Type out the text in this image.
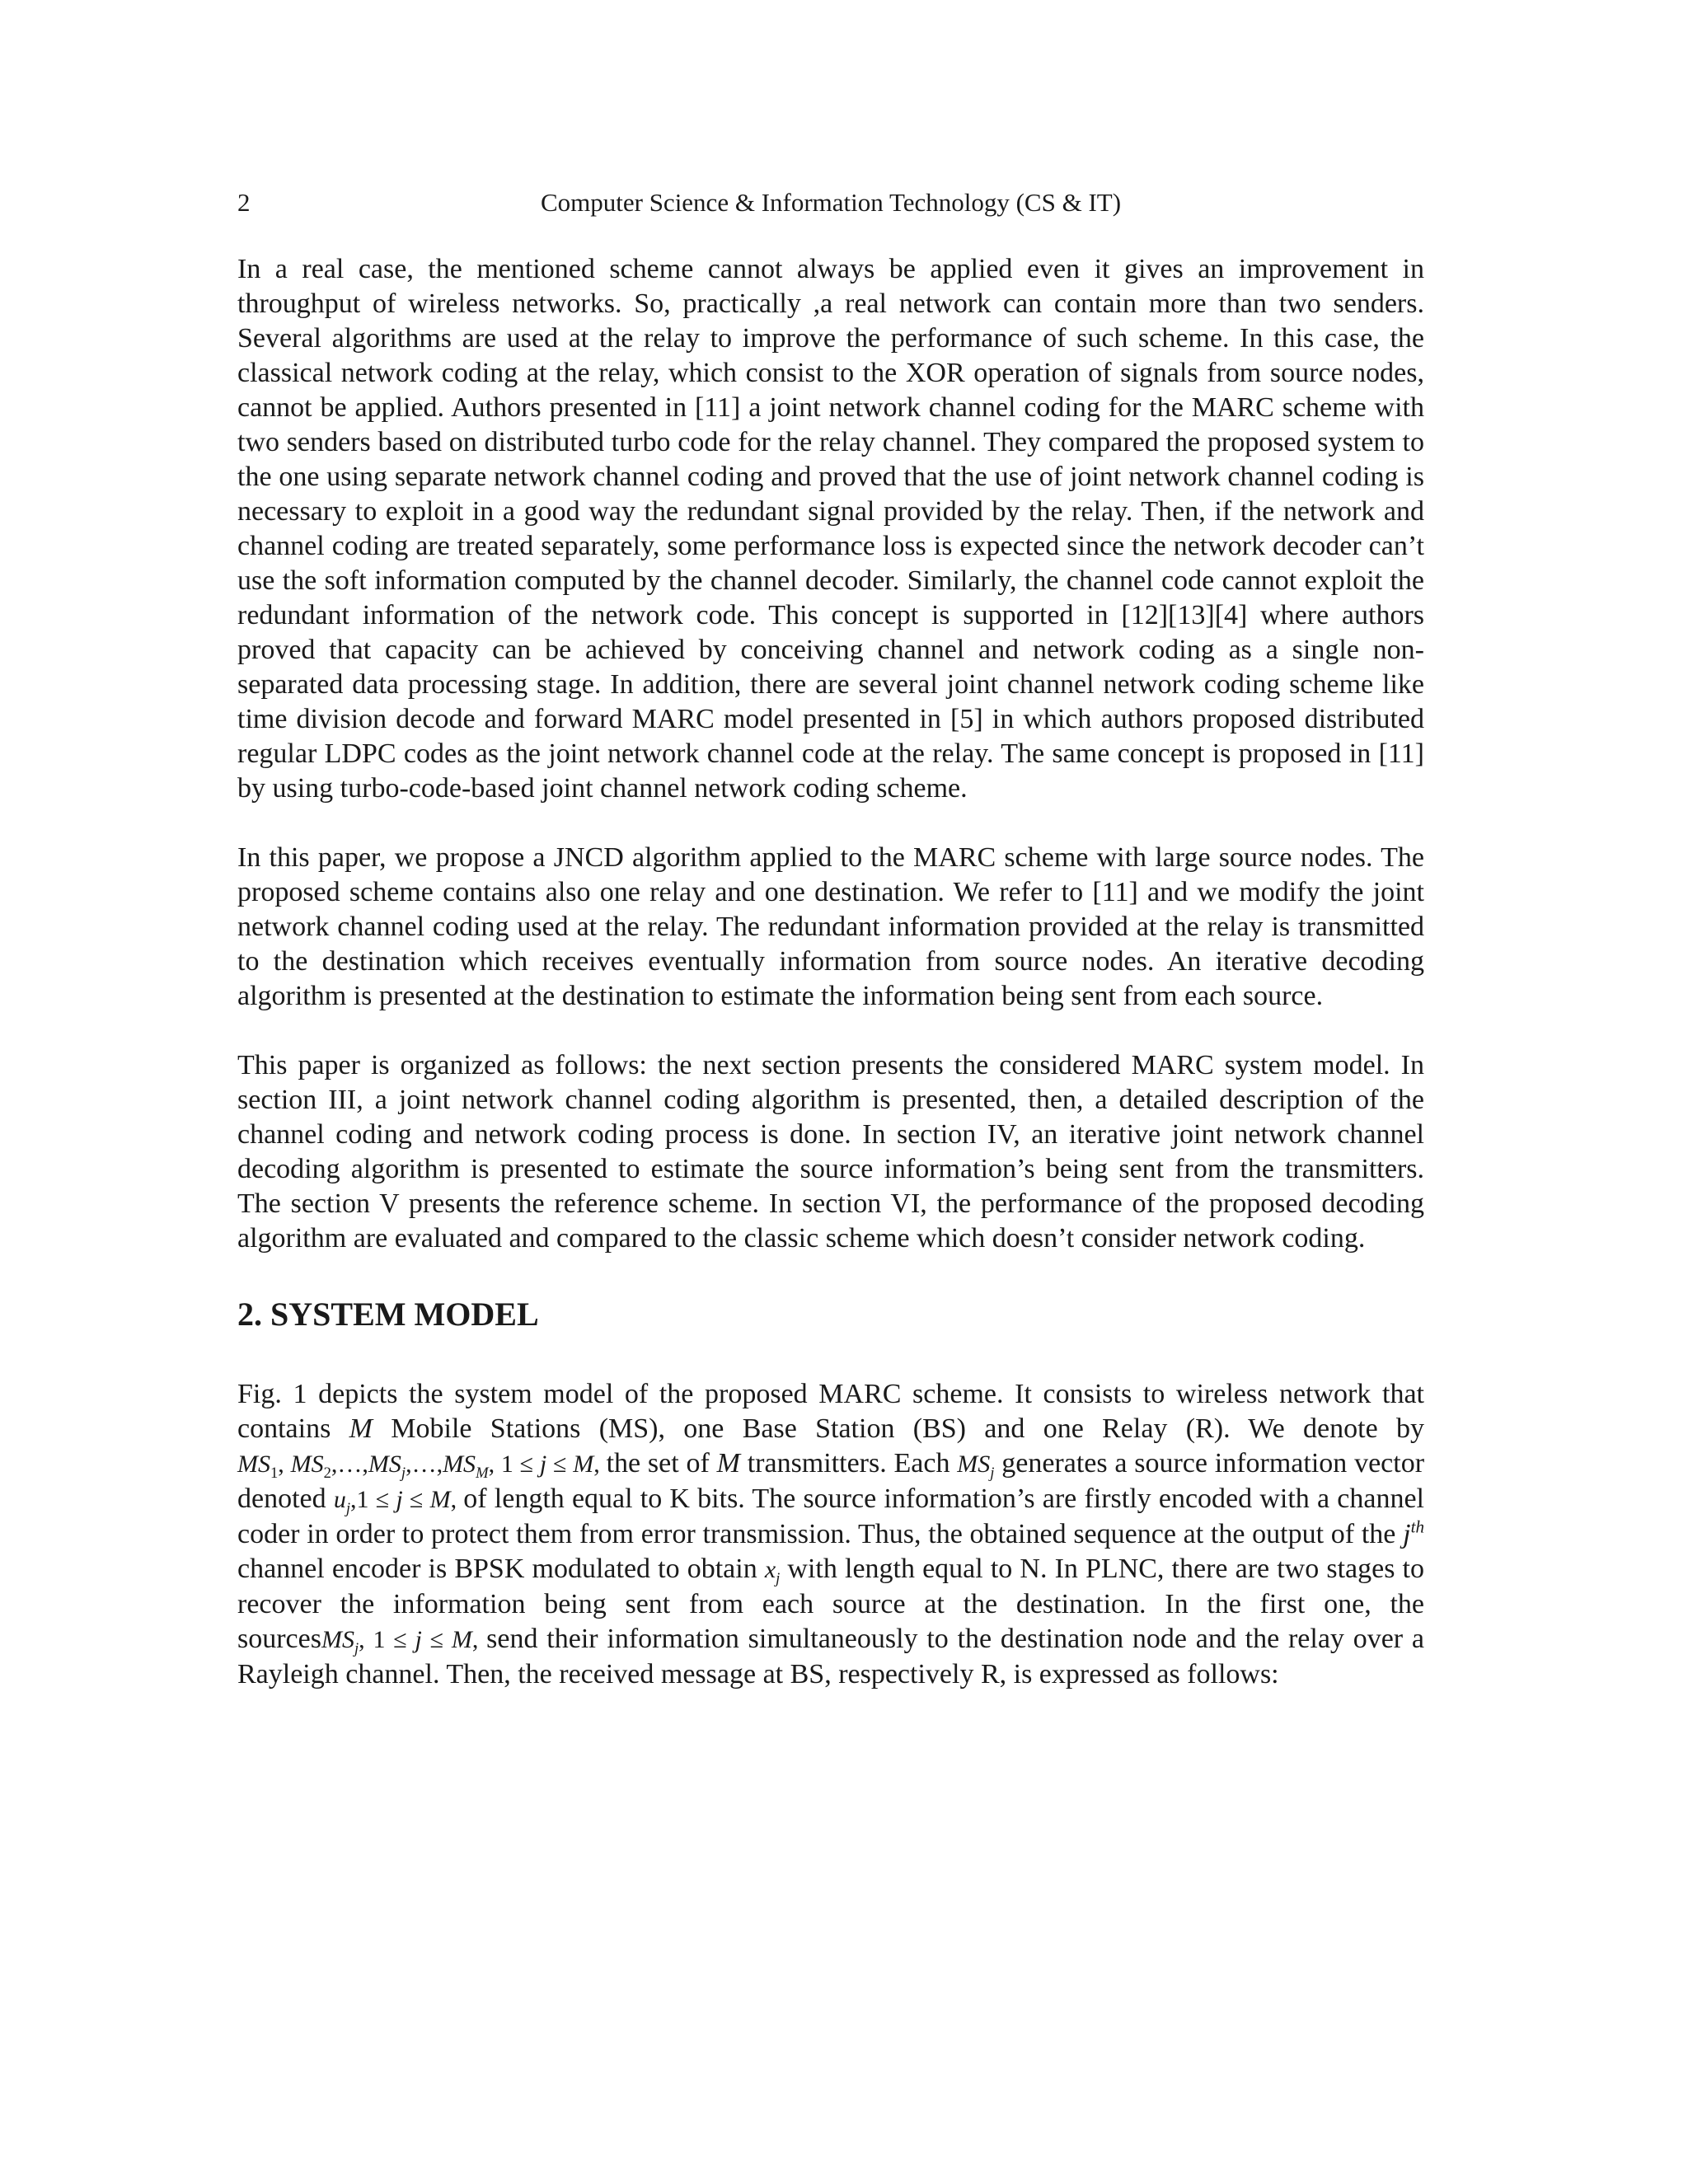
2	Computer Science & Information Technology (CS & IT)

In a real case, the mentioned scheme cannot always be applied even it gives an improvement in throughput of wireless networks. So, practically ,a real network can contain more than two senders. Several algorithms are used at the relay to improve the performance of such scheme. In this case, the classical network coding at the relay, which consist to the XOR operation of signals from source nodes, cannot be applied. Authors presented in [11] a joint network channel coding for the MARC scheme with two senders based on distributed turbo code for the relay channel. They compared the proposed system to the one using separate network channel coding and proved that the use of joint network channel coding is necessary to exploit in a good way the redundant signal provided by the relay. Then, if the network and channel coding are treated separately, some performance loss is expected since the network decoder can’t use the soft information computed by the channel decoder. Similarly, the channel code cannot exploit the redundant information of the network code. This concept is supported in [12][13][4] where authors proved that capacity can be achieved by conceiving channel and network coding as a single non-separated data processing stage. In addition, there are several joint channel network coding scheme like time division decode and forward MARC model presented in [5] in which authors proposed distributed regular LDPC codes as the joint network channel code at the relay. The same concept is proposed in [11] by using turbo-code-based joint channel network coding scheme.

In this paper, we propose a JNCD algorithm applied to the MARC scheme with large source nodes. The proposed scheme contains also one relay and one destination. We refer to [11] and we modify the joint network channel coding used at the relay. The redundant information provided at the relay is transmitted to the destination which receives eventually information from source nodes. An iterative decoding algorithm is presented at the destination to estimate the information being sent from each source.

This paper is organized as follows: the next section presents the considered MARC system model. In section III, a joint network channel coding algorithm is presented, then, a detailed description of the channel coding and network coding process is done. In section IV, an iterative joint network channel decoding algorithm is presented to estimate the source information’s being sent from the transmitters. The section V presents the reference scheme. In section VI, the performance of the proposed decoding algorithm are evaluated and compared to the classic scheme which doesn’t consider network coding.

2. SYSTEM MODEL

Fig. 1 depicts the system model of the proposed MARC scheme. It consists to wireless network that contains M Mobile Stations (MS), one Base Station (BS) and one Relay (R). We denote by $MS_1$, $MS_2,\dots,MS_j,\dots,MS_M$, 1 ≤ j ≤ M, the set of M transmitters. Each $MS_j$ generates a source information vector denoted $u_j,1 \le j \le M$, of length equal to K bits. The source information’s are firstly encoded with a channel coder in order to protect them from error transmission. Thus, the obtained sequence at the output of the $j^{th}$ channel encoder is BPSK modulated to obtain $x_j$ with length equal to N. In PLNC, there are two stages to recover the information being sent from each source at the destination. In the first one, the sourcesMS$_j$, 1 ≤ j ≤ M, send their information simultaneously to the destination node and the relay over a Rayleigh channel. Then, the received message at BS, respectively R, is expressed as follows:
